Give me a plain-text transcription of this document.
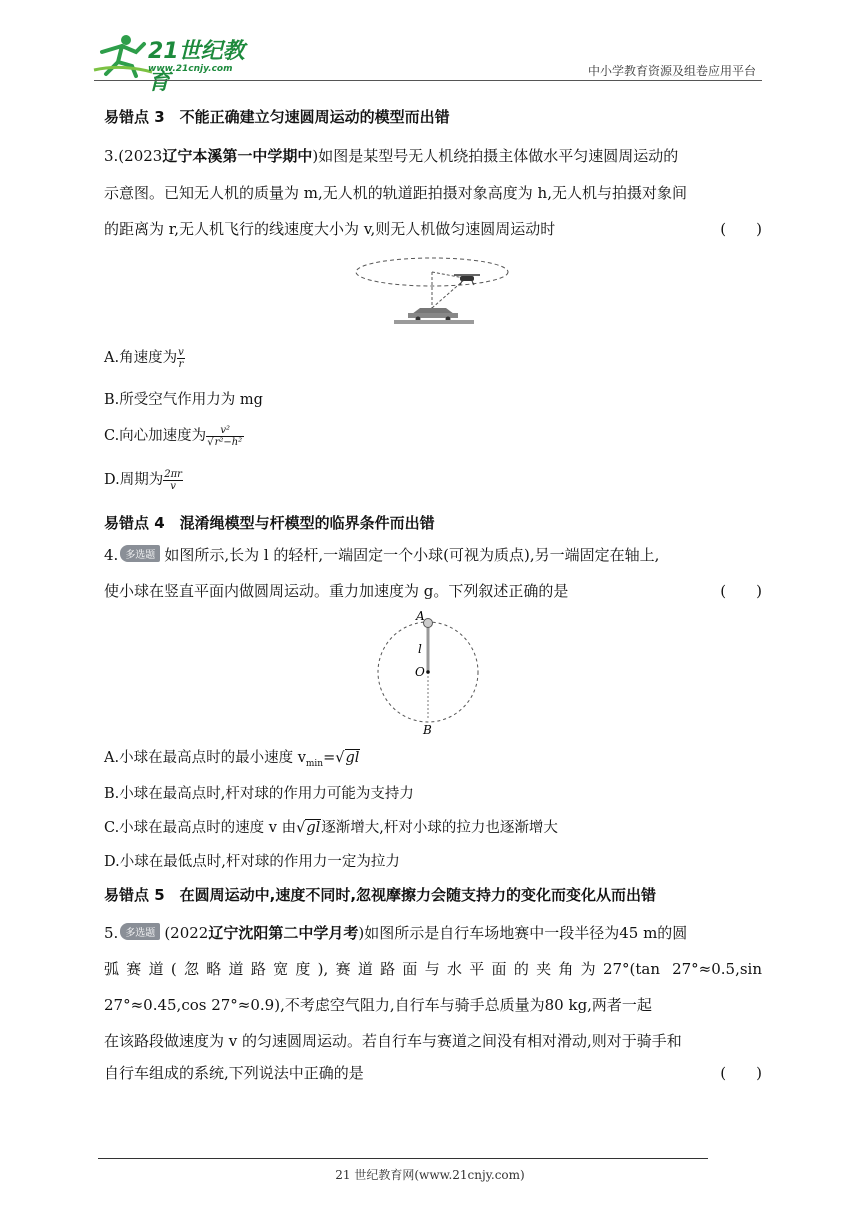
21世纪教育
www.21cnjy.com	中小学教育资源及组卷应用平台
易错点 3　不能正确建立匀速圆周运动的模型而出错
3.(2023辽宁本溪第一中学期中)如图是某型号无人机绕拍摄主体做水平匀速圆周运动的
示意图。已知无人机的质量为 m,无人机的轨道距拍摄对象高度为 h,无人机与拍摄对象间
的距离为 r,无人机飞行的线速度大小为 v,则无人机做匀速圆周运动时	(　　)
A.角速度为 $\frac{v}{r}$
B.所受空气作用力为 mg
C.向心加速度为 $\frac{\text{v²}}{\text{√r²−h²}}$
D.周期为 $\frac{2\pi r}{v}$
易错点 4　混淆绳模型与杆模型的临界条件而出错
4. 多选题 如图所示,长为 l 的轻杆,一端固定一个小球(可视为质点),另一端固定在轴上,
使小球在竖直平面内做圆周运动。重力加速度为 g。下列叙述正确的是	(　　)
A
l
O
B
A.小球在最高点时的最小速度 $v_{min}=√gl$
B.小球在最高点时,杆对球的作用力可能为支持力
C.小球在最高点时的速度 v 由√gl逐渐增大,杆对小球的拉力也逐渐增大
D.小球在最低点时,杆对球的作用力一定为拉力
易错点 5　在圆周运动中,速度不同时,忽视摩擦力会随支持力的变化而变化从而出错
5. 多选题 (2022辽宁沈阳第二中学月考)如图所示是自行车场地赛中一段半径为45 m的圆
弧赛道(忽略道路宽度),赛道路面与水平面的夹角为27°(tan 27°≈0.5,sin
27°≈0.45,cos 27°≈0.9),不考虑空气阻力,自行车与骑手总质量为80 kg,两者一起
在该路段做速度为 v 的匀速圆周运动。若自行车与赛道之间没有相对滑动,则对于骑手和
自行车组成的系统,下列说法中正确的是	(　　)
21 世纪教育网(www.21cnjy.com)
